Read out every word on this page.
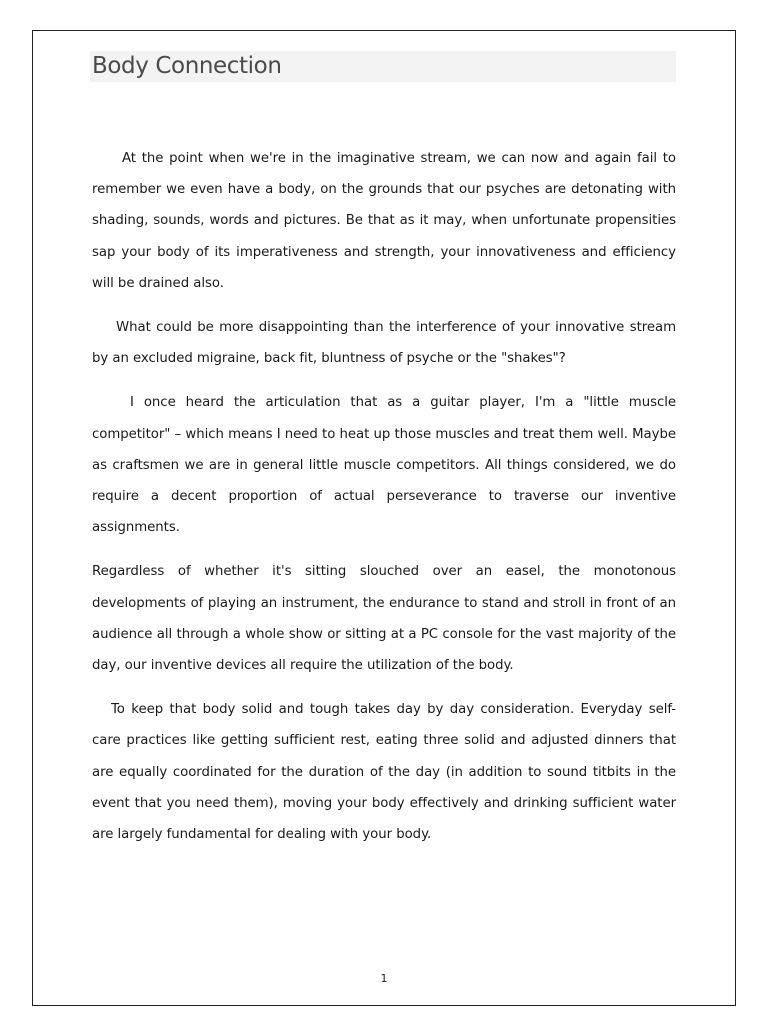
Body Connection

At the point when we're in the imaginative stream, we can now and again fail to remember we even have a body, on the grounds that our psyches are detonating with shading, sounds, words and pictures. Be that as it may, when unfortunate propensities sap your body of its imperativeness and strength, your innovativeness and efficiency will be drained also.

What could be more disappointing than the interference of your innovative stream by an excluded migraine, back fit, bluntness of psyche or the "shakes"?

I once heard the articulation that as a guitar player, I'm a "little muscle competitor" – which means I need to heat up those muscles and treat them well. Maybe as craftsmen we are in general little muscle competitors. All things considered, we do require a decent proportion of actual perseverance to traverse our inventive assignments.

Regardless of whether it's sitting slouched over an easel, the monotonous developments of playing an instrument, the endurance to stand and stroll in front of an audience all through a whole show or sitting at a PC console for the vast majority of the day, our inventive devices all require the utilization of the body.

To keep that body solid and tough takes day by day consideration. Everyday self-care practices like getting sufficient rest, eating three solid and adjusted dinners that are equally coordinated for the duration of the day (in addition to sound titbits in the event that you need them), moving your body effectively and drinking sufficient water are largely fundamental for dealing with your body.

1
